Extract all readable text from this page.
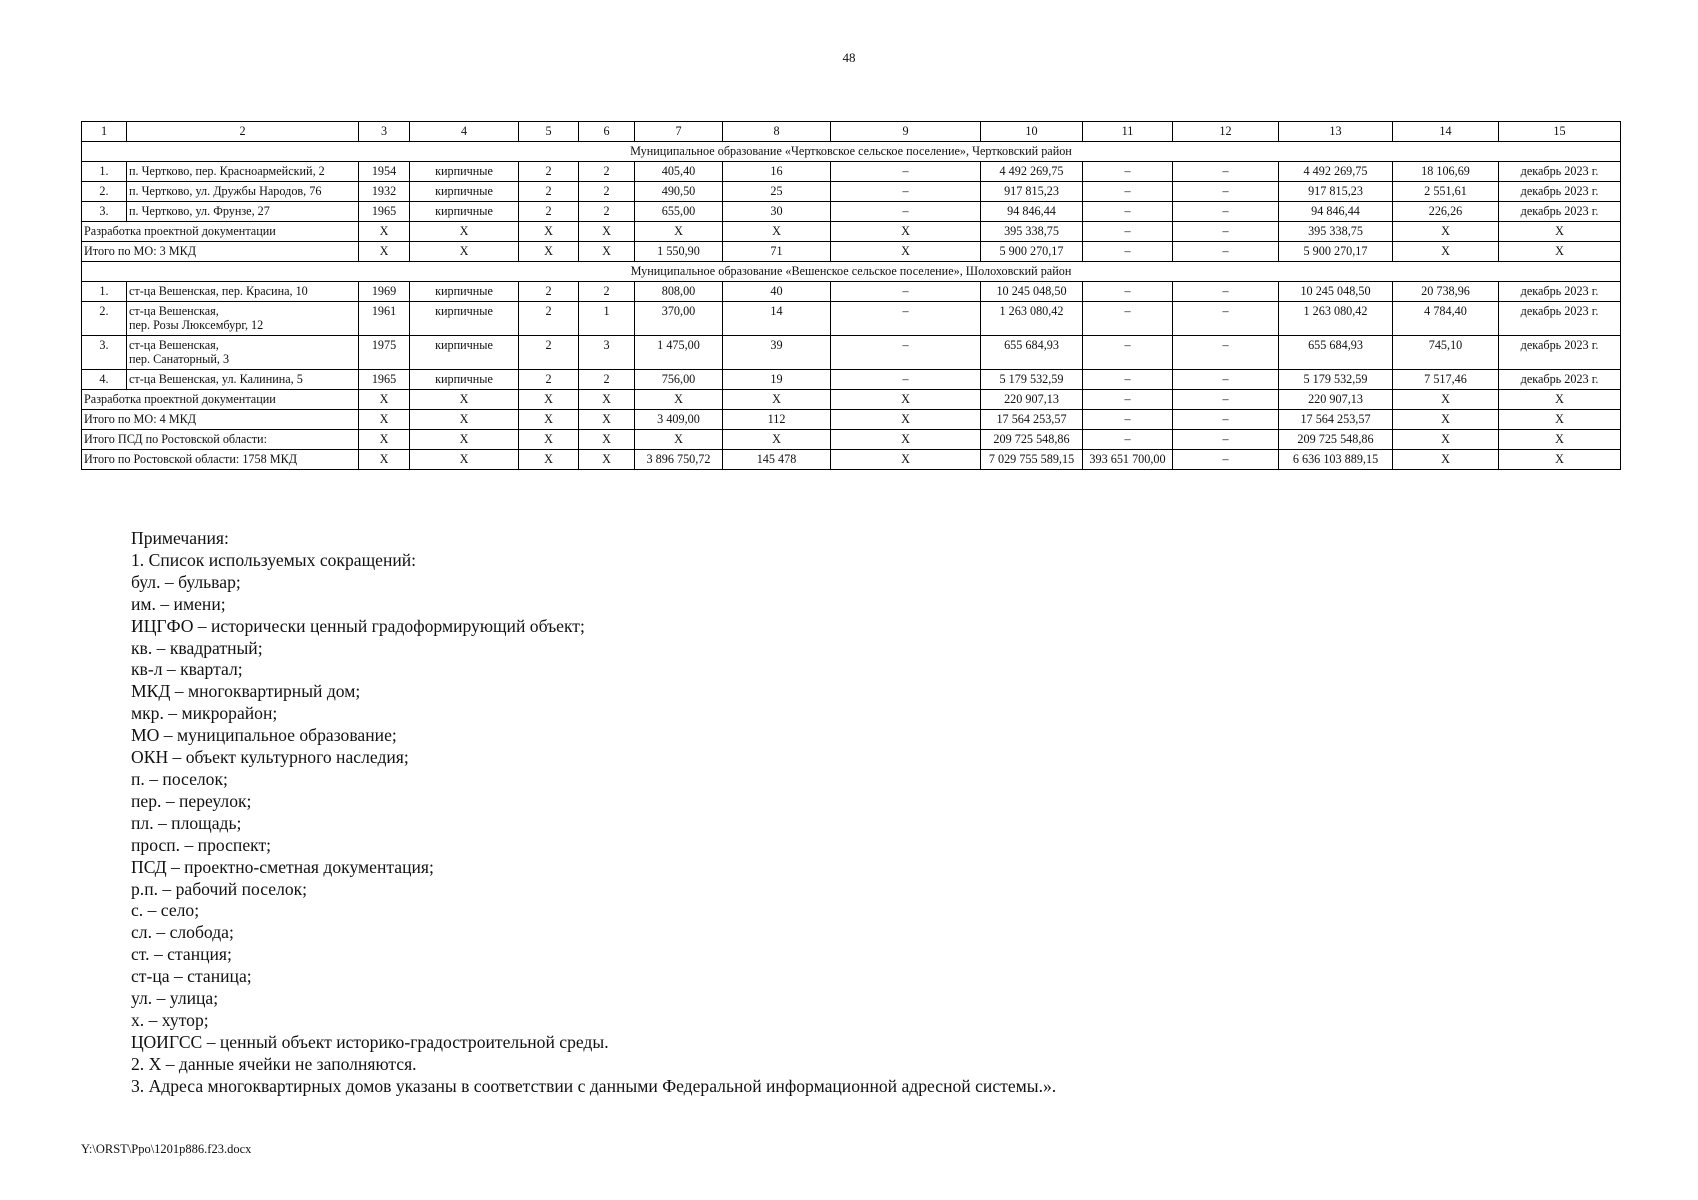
48
1	2	3	4	5	6	7	8	9	10	11	12	13	14	15
Муниципальное образование «Чертковское сельское поселение», Чертковский район														
1.	п. Чертково, пер. Красноармейский, 2	1954	кирпичные	2	2	405,40	16	–	4 492 269,75	–	–	4 492 269,75	18 106,69	декабрь 2023 г.
2.	п. Чертково, ул. Дружбы Народов, 76	1932	кирпичные	2	2	490,50	25	–	917 815,23	–	–	917 815,23	2 551,61	декабрь 2023 г.
3.	п. Чертково, ул. Фрунзе, 27	1965	кирпичные	2	2	655,00	30	–	94 846,44	–	–	94 846,44	226,26	декабрь 2023 г.
Разработка проектной документации		X	X	X	X	X	X	X	395 338,75	–	–	395 338,75	X	X
Итого по МО: 3 МКД		X	X	X	X	1 550,90	71	X	5 900 270,17	–	–	5 900 270,17	X	X
Муниципальное образование «Вешенское сельское поселение», Шолоховский район														
1.	ст-ца Вешенская, пер. Красина, 10	1969	кирпичные	2	2	808,00	40	–	10 245 048,50	–	–	10 245 048,50	20 738,96	декабрь 2023 г.
2.	ст-ца Вешенская,
пер. Розы Люксембург, 12	1961	кирпичные	2	1	370,00	14	–	1 263 080,42	–	–	1 263 080,42	4 784,40	декабрь 2023 г.
3.	ст-ца Вешенская,
пер. Санаторный, 3	1975	кирпичные	2	3	1 475,00	39	–	655 684,93	–	–	655 684,93	745,10	декабрь 2023 г.
4.	ст-ца Вешенская, ул. Калинина, 5	1965	кирпичные	2	2	756,00	19	–	5 179 532,59	–	–	5 179 532,59	7 517,46	декабрь 2023 г.
Разработка проектной документации		X	X	X	X	X	X	X	220 907,13	–	–	220 907,13	X	X
Итого по МО: 4 МКД		X	X	X	X	3 409,00	112	X	17 564 253,57	–	–	17 564 253,57	X	X
Итого ПСД по Ростовской области:		X	X	X	X	X	X	X	209 725 548,86	–	–	209 725 548,86	X	X
Итого по Ростовской области: 1758 МКД		X	X	X	X	3 896 750,72	145 478	X	7 029 755 589,15	393 651 700,00	–	6 636 103 889,15	X	X
Примечания:
1. Список используемых сокращений:
бул. – бульвар;
им. – имени;
ИЦГФО – исторически ценный градоформирующий объект;
кв. – квадратный;
кв-л – квартал;
МКД – многоквартирный дом;
мкр. – микрорайон;
МО – муниципальное образование;
ОКН – объект культурного наследия;
п. – поселок;
пер. – переулок;
пл. – площадь;
просп. – проспект;
ПСД – проектно-сметная документация;
р.п. – рабочий поселок;
с. – село;
сл. – слобода;
ст. – станция;
ст-ца – станица;
ул. – улица;
х. – хутор;
ЦОИГСС – ценный объект историко-градостроительной среды.
2. X – данные ячейки не заполняются.
3. Адреса многоквартирных домов указаны в соответствии с данными Федеральной информационной адресной системы.».
Y:\ORST\Ppo\1201p886.f23.docx
